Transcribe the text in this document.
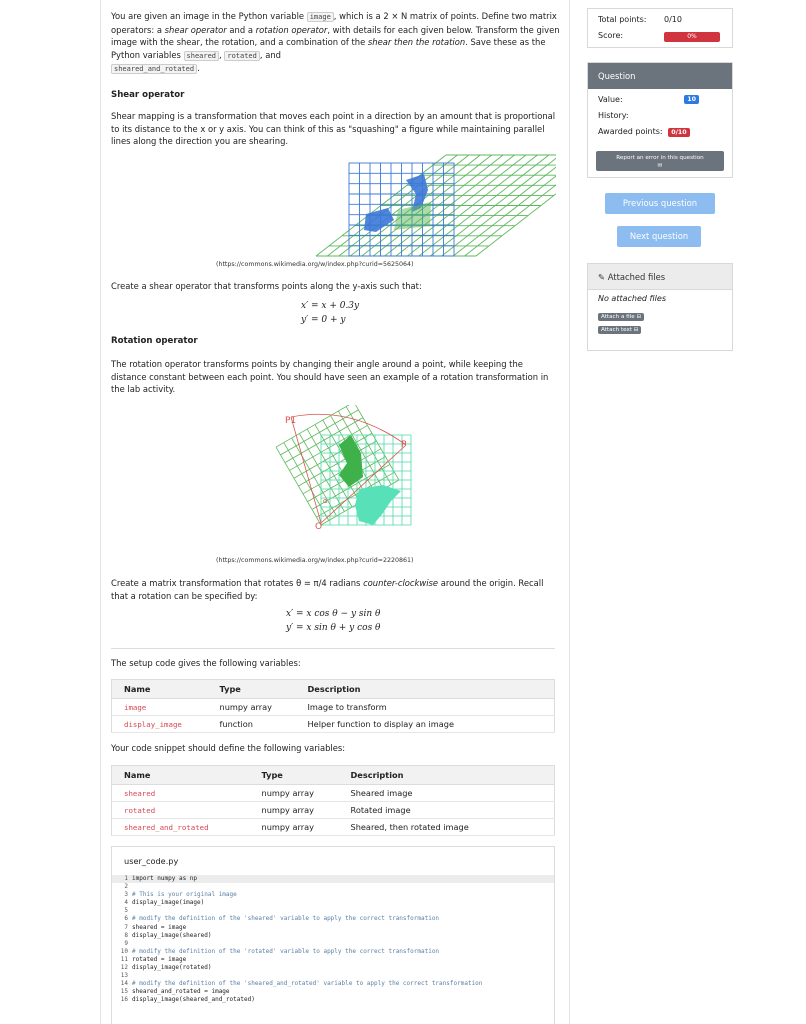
You are given an image in the Python variable image , which is a 2 × N matrix of points. Define two matrix operators: a shear operator and a rotation operator, with details for each given below. Transform the given image with the shear, the rotation, and a combination of the shear then the rotation. Save these as the Python variables sheared , rotated , and
sheared_and_rotated .

Shear operator

Shear mapping is a transformation that moves each point in a direction by an amount that is proportional to its distance to the x or y axis. You can think of this as "squashing" a figure while maintaining parallel lines along the direction you are shearing.

(https://commons.wikimedia.org/w/index.php?curid=5625064)

Create a shear operator that transforms points along the y-axis such that:

x′ = x + 0.3y
y′ = 0 + y
Rotation operator

The rotation operator transforms points by changing their angle around a point, while keeping the distance constant between each point. You should have seen an example of a rotation transformation in the lab activity.

P1
P
O
α
(https://commons.wikimedia.org/w/index.php?curid=2220861)

Create a matrix transformation that rotates θ = π/4 radians counter-clockwise around the origin. Recall that a rotation can be specified by:

x′ = x cos θ − y sin θ
y′ = x sin θ + y cos θ

The setup code gives the following variables:

Name	Type	Description
image	numpy array	Image to transform
display_image	function	Helper function to display an image

Your code snippet should define the following variables:

Name	Type	Description
sheared	numpy array	Sheared image
rotated	numpy array	Rotated image
sheared_and_rotated	numpy array	Sheared, then rotated image
user_code.py
1 import numpy as np
2
3 # This is your original image
4 display_image(image)
5
6 # modify the definition of the 'sheared' variable to apply the correct transformation
7 sheared = image
8 display_image(sheared)
9
10 # modify the definition of the 'rotated' variable to apply the correct transformation
11 rotated = image
12 display_image(rotated)
13
14 # modify the definition of the 'sheared_and_rotated' variable to apply the correct transformation
15 sheared_and_rotated = image
16 display_image(sheared_and_rotated)
Total points: 0/10
Score:	0%
Question
Value:	10
History:
Awarded points: 0/10
Report an error in this question
✉
Previous question
Next question
✎ Attached files
No attached files
Attach a file ⊟
Attach text ⊟
